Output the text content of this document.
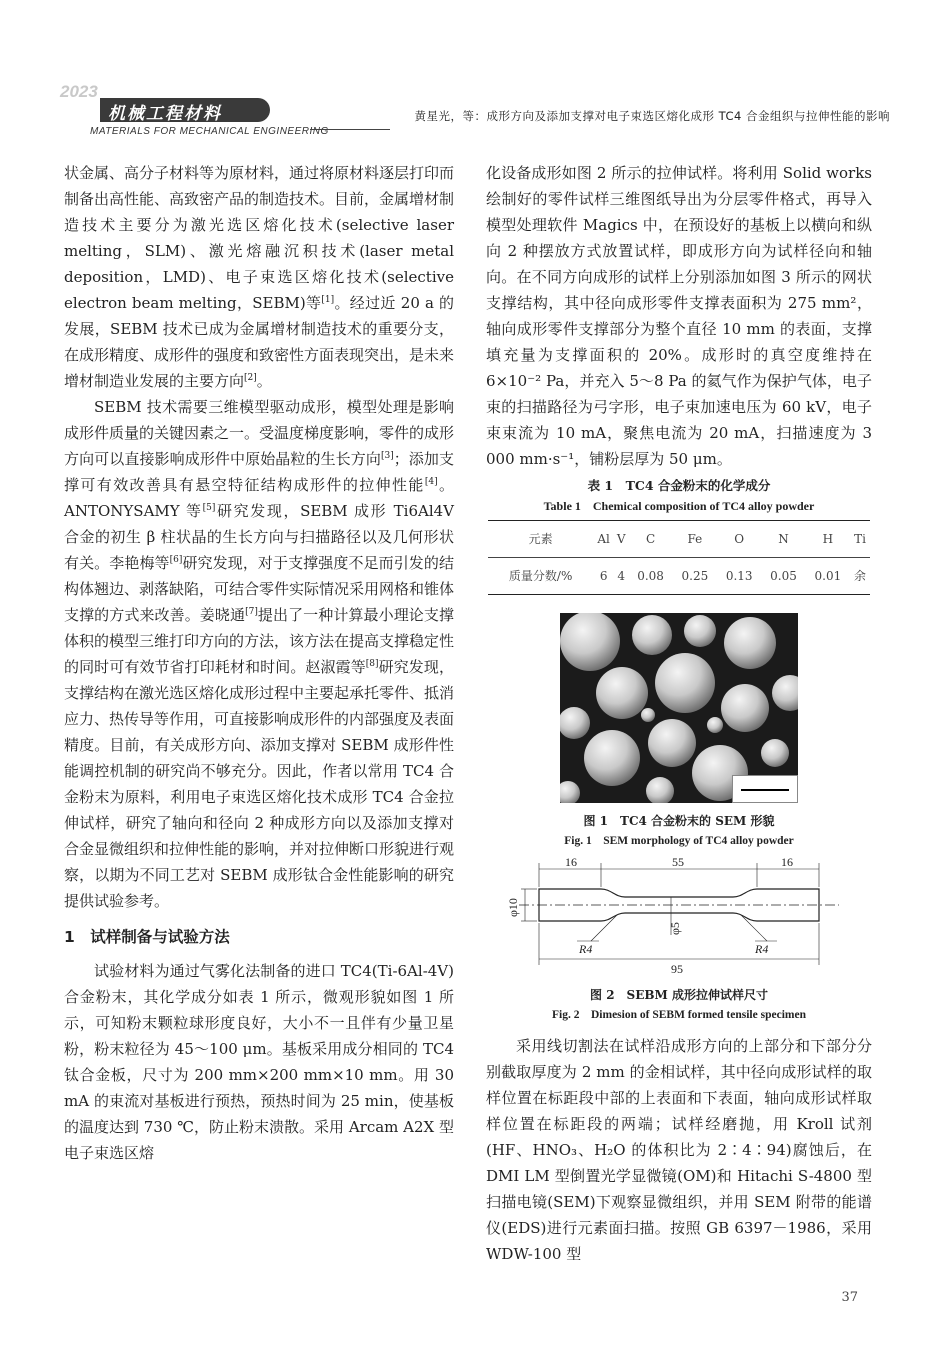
2023
机械工程材料
MATERIALS FOR MECHANICAL ENGINEERING
黄星光，等：成形方向及添加支撑对电子束选区熔化成形 TC4 合金组织与拉伸性能的影响

状金属、高分子材料等为原材料，通过将原材料逐层打印而制备出高性能、高致密产品的制造技术。目前，金属增材制造技术主要分为激光选区熔化技术(selective laser melting，SLM)、激光熔融沉积技术(laser metal deposition，LMD)、电子束选区熔化技术(selective electron beam melting，SEBM)等[1]。经过近 20 a 的发展，SEBM 技术已成为金属增材制造技术的重要分支，在成形精度、成形件的强度和致密性方面表现突出，是未来增材制造业发展的主要方向[2]。

SEBM 技术需要三维模型驱动成形，模型处理是影响成形件质量的关键因素之一。受温度梯度影响，零件的成形方向可以直接影响成形件中原始晶粒的生长方向[3]；添加支撑可有效改善具有悬空特征结构成形件的拉伸性能[4]。ANTONYSAMY 等[5]研究发现，SEBM 成形 Ti6Al4V 合金的初生 β 柱状晶的生长方向与扫描路径以及几何形状有关。李艳梅等[6]研究发现，对于支撑强度不足而引发的结构体翘边、剥落缺陷，可结合零件实际情况采用网格和锥体支撑的方式来改善。姜晓通[7]提出了一种计算最小理论支撑体积的模型三维打印方向的方法，该方法在提高支撑稳定性的同时可有效节省打印耗材和时间。赵淑霞等[8]研究发现，支撑结构在激光选区熔化成形过程中主要起承托零件、抵消应力、热传导等作用，可直接影响成形件的内部强度及表面精度。目前，有关成形方向、添加支撑对 SEBM 成形件性能调控机制的研究尚不够充分。因此，作者以常用 TC4 合金粉末为原料，利用电子束选区熔化技术成形 TC4 合金拉伸试样，研究了轴向和径向 2 种成形方向以及添加支撑对合金显微组织和拉伸性能的影响，并对拉伸断口形貌进行观察，以期为不同工艺对 SEBM 成形钛合金性能影响的研究提供试验参考。

1　试样制备与试验方法

试验材料为通过气雾化法制备的进口 TC4(Ti-6Al-4V)合金粉末，其化学成分如表 1 所示，微观形貌如图 1 所示，可知粉末颗粒球形度良好，大小不一且伴有少量卫星粉，粉末粒径为 45～100 μm。基板采用成分相同的 TC4 钛合金板，尺寸为 200 mm×200 mm×10 mm。用 30 mA 的束流对基板进行预热，预热时间为 25 min，使基板的温度达到 730 ℃，防止粉末溃散。采用 Arcam A2X 型电子束选区熔

化设备成形如图 2 所示的拉伸试样。将利用 Solid works 绘制好的零件试样三维图纸导出为分层零件格式，再导入模型处理软件 Magics 中，在预设好的基板上以横向和纵向 2 种摆放方式放置试样，即成形方向为试样径向和轴向。在不同方向成形的试样上分别添加如图 3 所示的网状支撑结构，其中径向成形零件支撑表面积为 275 mm²，轴向成形零件支撑部分为整个直径 10 mm 的表面，支撑填充量为支撑面积的 20%。成形时的真空度维持在 6×10⁻² Pa，并充入 5～8 Pa 的氦气作为保护气体，电子束的扫描路径为弓字形，电子束加速电压为 60 kV，电子束束流为 10 mA，聚焦电流为 20 mA，扫描速度为 3 000 mm·s⁻¹，铺粉层厚为 50 μm。

表 1　TC4 合金粉末的化学成分
Table 1　Chemical composition of TC4 alloy powder
元素	Al	V	C	Fe	O	N	H	Ti
质量分数/%	6	4	0.08	0.25	0.13	0.05	0.01	余
图 1　TC4 合金粉末的 SEM 形貌
Fig. 1　SEM morphology of TC4 alloy powder
16	55	16
95
φ10
φ5
R4	R4
图 2　SEBM 成形拉伸试样尺寸
Fig. 2　Dimesion of SEBM formed tensile specimen

采用线切割法在试样沿成形方向的上部分和下部分分别截取厚度为 2 mm 的金相试样，其中径向成形试样的取样位置在标距段中部的上表面和下表面，轴向成形试样取样位置在标距段的两端；试样经磨抛，用 Kroll 试剂(HF、HNO₃、H₂O 的体积比为 2∶4∶94)腐蚀后，在 DMI LM 型倒置光学显微镜(OM)和 Hitachi S-4800 型扫描电镜(SEM)下观察显微组织，并用 SEM 附带的能谱仪(EDS)进行元素面扫描。按照 GB 6397－1986，采用 WDW-100 型

37
